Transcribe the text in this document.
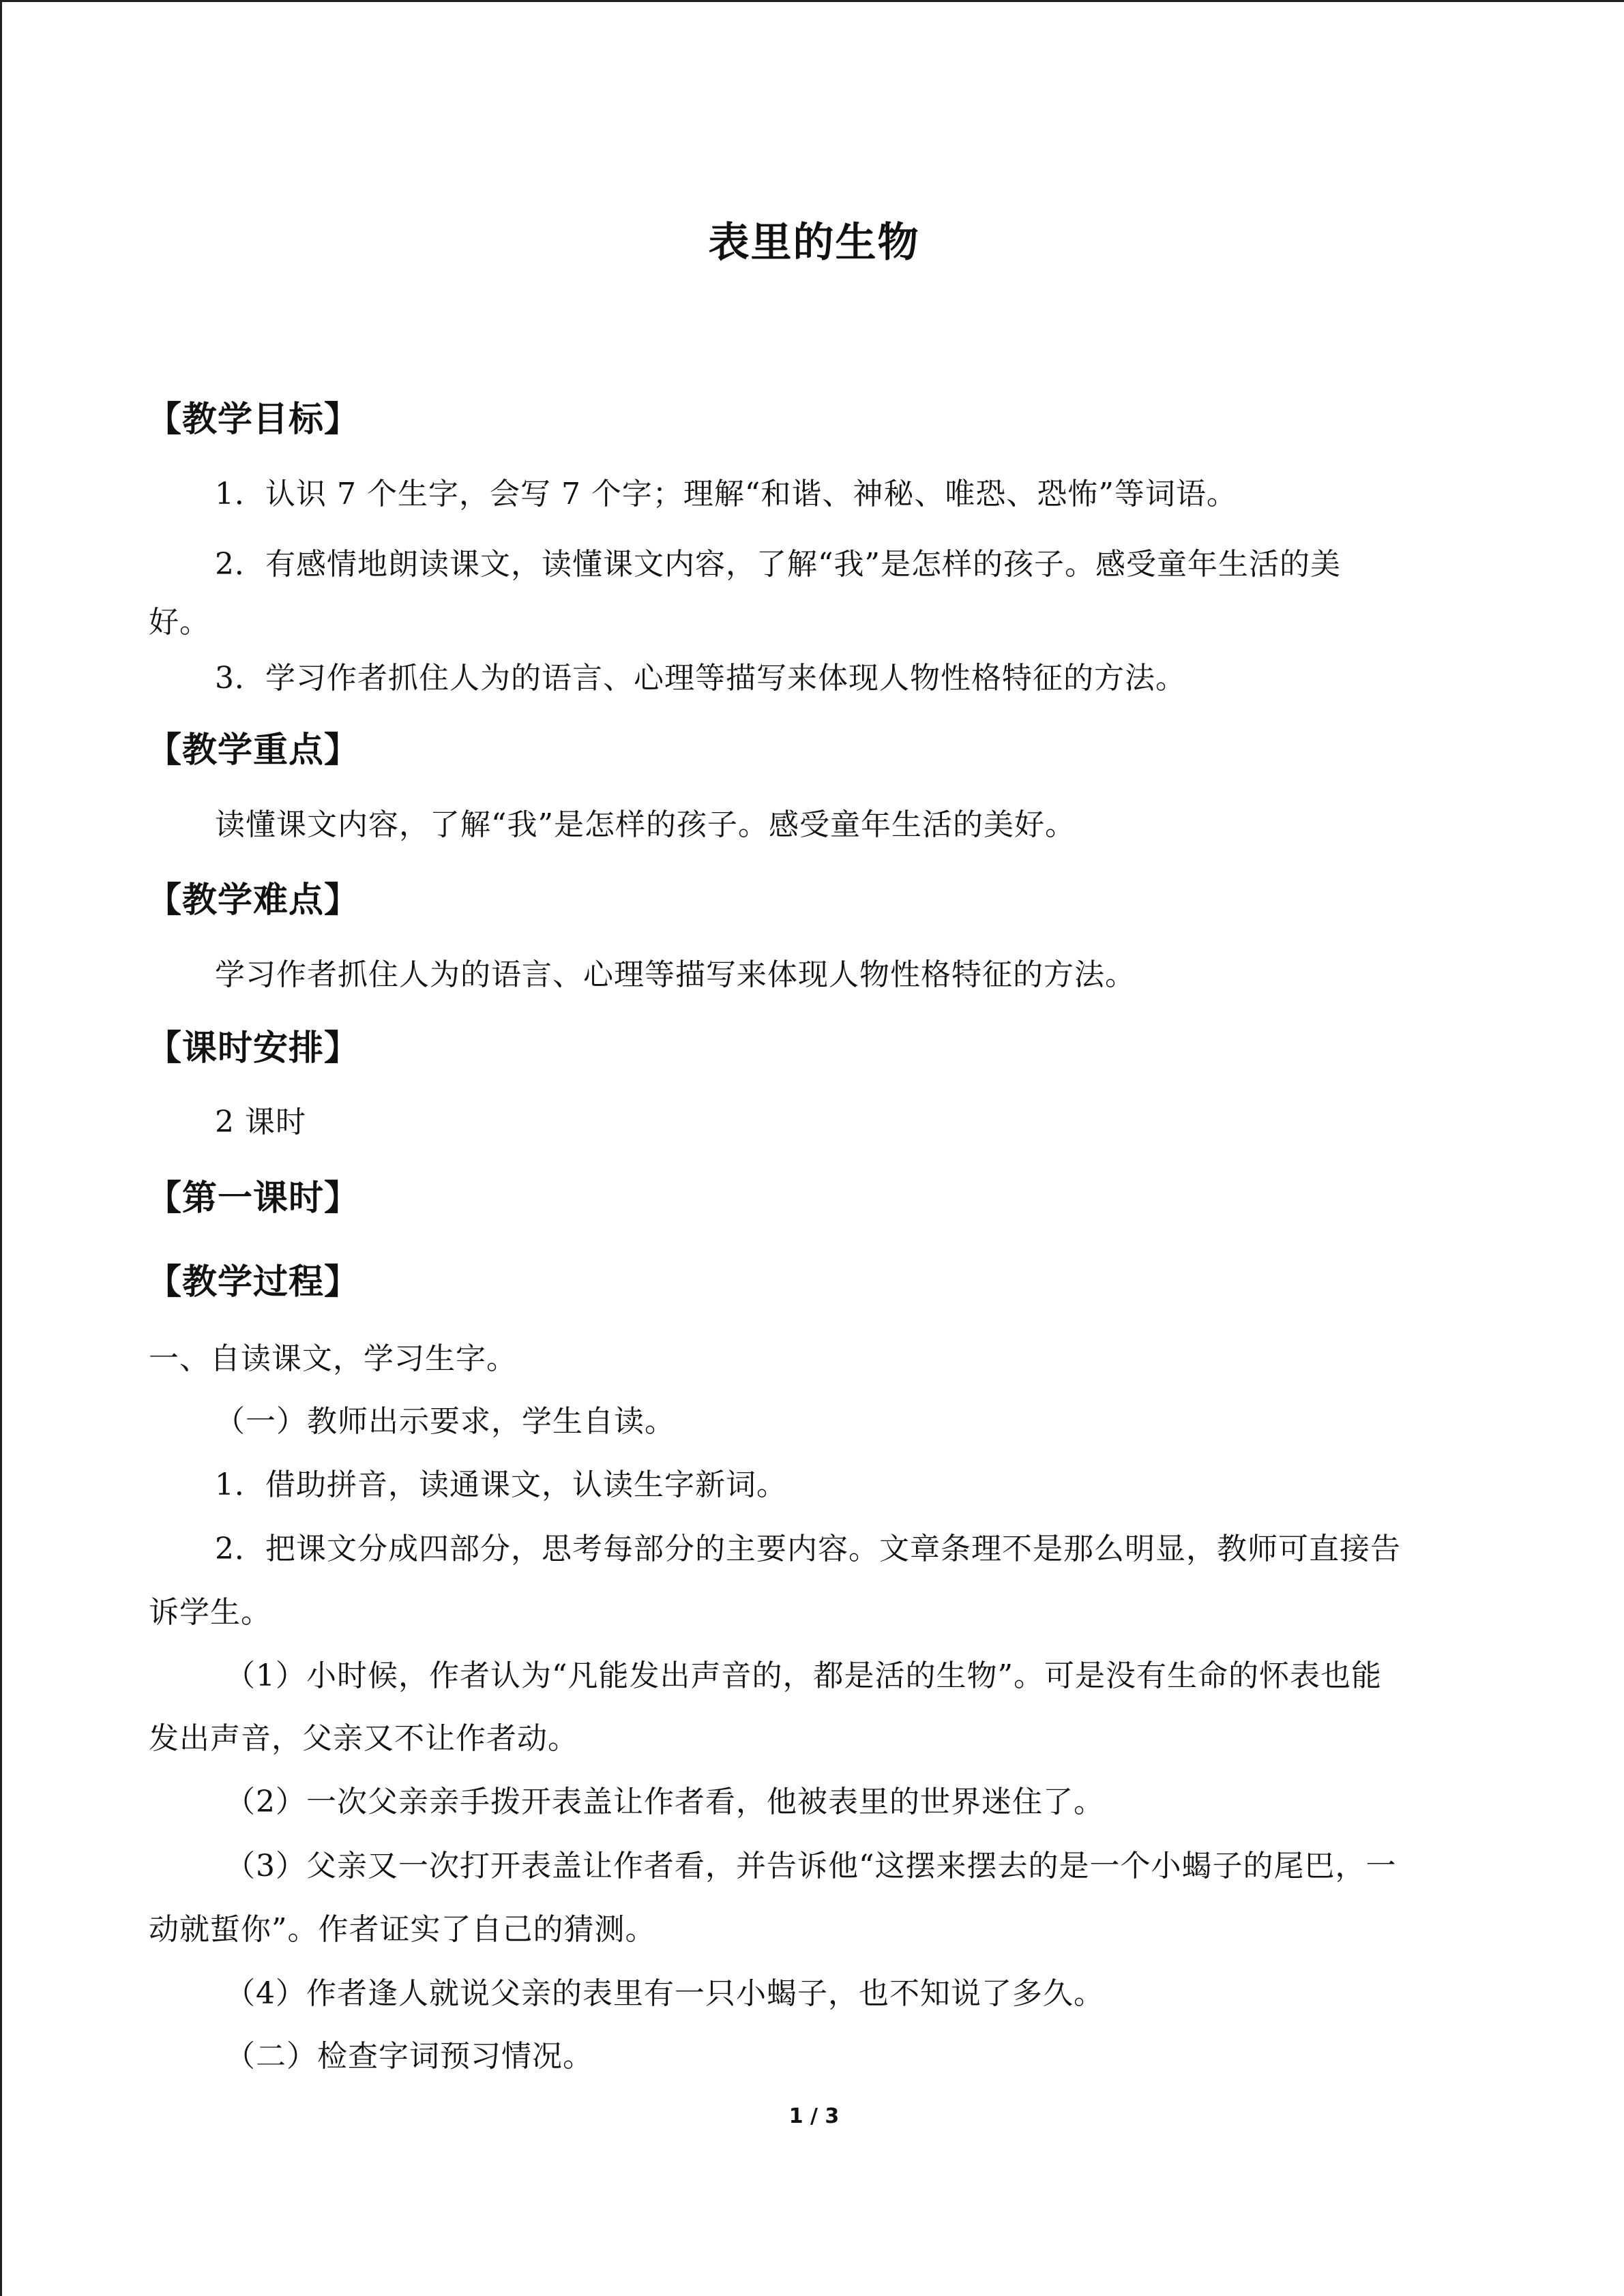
表里的生物
【教学目标】
1．认识 7 个生字，会写 7 个字；理解“和谐、神秘、唯恐、恐怖”等词语。
2．有感情地朗读课文，读懂课文内容，了解“我”是怎样的孩子。感受童年生活的美
好。
3．学习作者抓住人为的语言、心理等描写来体现人物性格特征的方法。
【教学重点】
读懂课文内容，了解“我”是怎样的孩子。感受童年生活的美好。
【教学难点】
学习作者抓住人为的语言、心理等描写来体现人物性格特征的方法。
【课时安排】
2 课时
【第一课时】
【教学过程】
一、自读课文，学习生字。
（一）教师出示要求，学生自读。
1．借助拼音，读通课文，认读生字新词。
2．把课文分成四部分，思考每部分的主要内容。文章条理不是那么明显，教师可直接告
诉学生。
（1）小时候，作者认为“凡能发出声音的，都是活的生物”。可是没有生命的怀表也能
发出声音，父亲又不让作者动。
（2）一次父亲亲手拨开表盖让作者看，他被表里的世界迷住了。
（3）父亲又一次打开表盖让作者看，并告诉他“这摆来摆去的是一个小蝎子的尾巴，一
动就蜇你”。作者证实了自己的猜测。
（4）作者逢人就说父亲的表里有一只小蝎子，也不知说了多久。
（二）检查字词预习情况。
1 / 3
